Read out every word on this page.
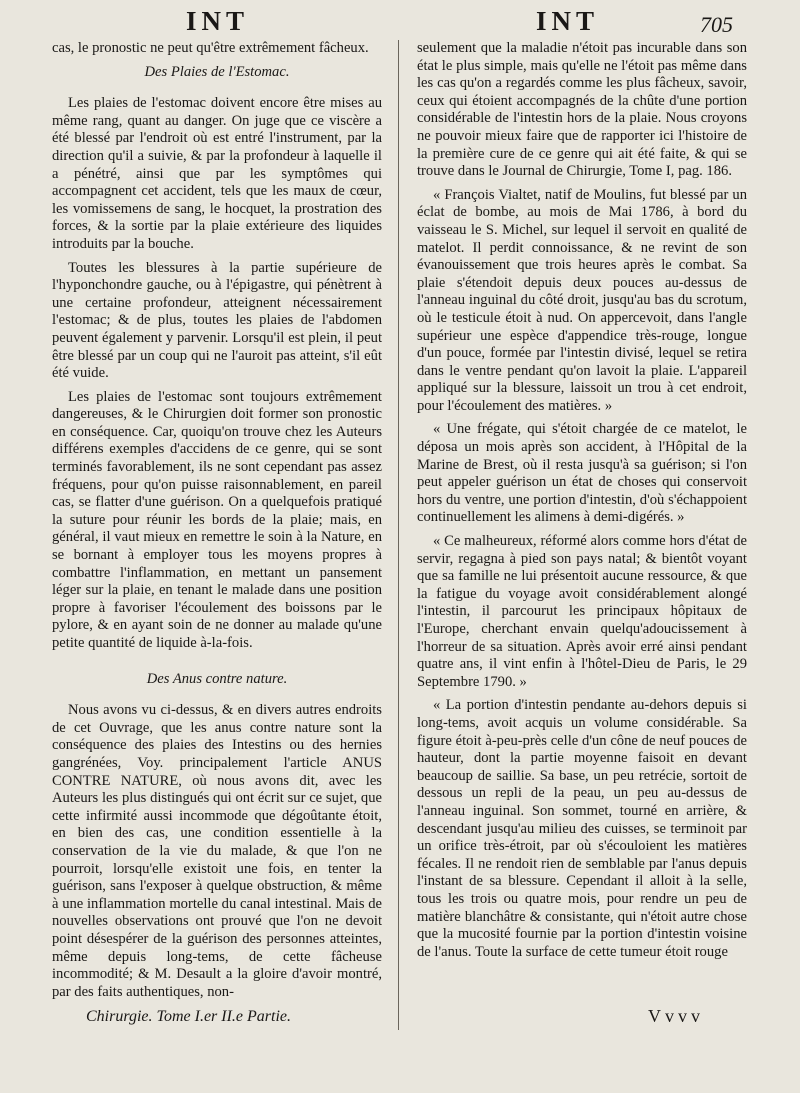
INT	INT	705

cas, le pronostic ne peut qu'être extrêmement fâcheux.

Des Plaies de l'Estomac.

Les plaies de l'estomac doivent encore être mises au même rang, quant au danger. On juge que ce viscère a été blessé par l'endroit où est entré l'instrument, par la direction qu'il a suivie, & par la profondeur à laquelle il a pénétré, ainsi que par les symptômes qui accompagnent cet accident, tels que les maux de cœur, les vomissemens de sang, le hocquet, la prostration des forces, & la sortie par la plaie extérieure des liquides introduits par la bouche.

Toutes les blessures à la partie supérieure de l'hyponchondre gauche, ou à l'épigastre, qui pénètrent à une certaine profondeur, atteignent nécessairement l'estomac; & de plus, toutes les plaies de l'abdomen peuvent également y parvenir. Lorsqu'il est plein, il peut être blessé par un coup qui ne l'auroit pas atteint, s'il eût été vuide.

Les plaies de l'estomac sont toujours extrêmement dangereuses, & le Chirurgien doit former son pronostic en conséquence. Car, quoiqu'on trouve chez les Auteurs différens exemples d'accidens de ce genre, qui se sont terminés favorablement, ils ne sont cependant pas assez fréquens, pour qu'on puisse raisonnablement, en pareil cas, se flatter d'une guérison. On a quelquefois pratiqué la suture pour réunir les bords de la plaie; mais, en général, il vaut mieux en remettre le soin à la Nature, en se bornant à employer tous les moyens propres à combattre l'inflammation, en mettant un pansement léger sur la plaie, en tenant le malade dans une position propre à favoriser l'écoulement des boissons par le pylore, & en ayant soin de ne donner au malade qu'une petite quantité de liquide à-la-fois.

Des Anus contre nature.

Nous avons vu ci-dessus, & en divers autres endroits de cet Ouvrage, que les anus contre nature sont la conséquence des plaies des Intestins ou des hernies gangrénées, Voy. principalement l'article ANUS CONTRE NATURE, où nous avons dit, avec les Auteurs les plus distingués qui ont écrit sur ce sujet, que cette infirmité aussi incommode que dégoûtante étoit, en bien des cas, une condition essentielle à la conservation de la vie du malade, & que l'on ne pourroit, lorsqu'elle existoit une fois, en tenter la guérison, sans l'exposer à quelque obstruction, & même à une inflammation mortelle du canal intestinal. Mais de nouvelles observations ont prouvé que l'on ne devoit point désespérer de la guérison des personnes atteintes, même depuis long-tems, de cette fâcheuse incommodité; & M. Desault a la gloire d'avoir montré, par des faits authentiques, non-

seulement que la maladie n'étoit pas incurable dans son état le plus simple, mais qu'elle ne l'étoit pas même dans les cas qu'on a regardés comme les plus fâcheux, savoir, ceux qui étoient accompagnés de la chûte d'une portion considérable de l'intestin hors de la plaie. Nous croyons ne pouvoir mieux faire que de rapporter ici l'histoire de la première cure de ce genre qui ait été faite, & qui se trouve dans le Journal de Chirurgie, Tome I, pag. 186.

« François Vialtet, natif de Moulins, fut blessé par un éclat de bombe, au mois de Mai 1786, à bord du vaisseau le S. Michel, sur lequel il servoit en qualité de matelot. Il perdit connoissance, & ne revint de son évanouissement que trois heures après le combat. Sa plaie s'étendoit depuis deux pouces au-dessus de l'anneau inguinal du côté droit, jusqu'au bas du scrotum, où le testicule étoit à nud. On appercevoit, dans l'angle supérieur une espèce d'appendice très-rouge, longue d'un pouce, formée par l'intestin divisé, lequel se retira dans le ventre pendant qu'on lavoit la plaie. L'appareil appliqué sur la blessure, laissoit un trou à cet endroit, pour l'écoulement des matières. »

« Une frégate, qui s'étoit chargée de ce matelot, le déposa un mois après son accident, à l'Hôpital de la Marine de Brest, où il resta jusqu'à sa guérison; si l'on peut appeler guérison un état de choses qui conservoit hors du ventre, une portion d'intestin, d'où s'échappoient continuellement les alimens à demi-digérés. »

« Ce malheureux, réformé alors comme hors d'état de servir, regagna à pied son pays natal; & bientôt voyant que sa famille ne lui présentoit aucune ressource, & que la fatigue du voyage avoit considérablement alongé l'intestin, il parcourut les principaux hôpitaux de l'Europe, cherchant envain quelqu'adoucissement à l'horreur de sa situation. Après avoir erré ainsi pendant quatre ans, il vint enfin à l'hôtel-Dieu de Paris, le 29 Septembre 1790. »

« La portion d'intestin pendante au-dehors depuis si long-tems, avoit acquis un volume considérable. Sa figure étoit à-peu-près celle d'un cône de neuf pouces de hauteur, dont la partie moyenne faisoit en devant beaucoup de saillie. Sa base, un peu retrécie, sortoit de dessous un repli de la peau, un peu au-dessus de l'anneau inguinal. Son sommet, tourné en arrière, & descendant jusqu'au milieu des cuisses, se terminoit par un orifice très-étroit, par où s'écouloient les matières fécales. Il ne rendoit rien de semblable par l'anus depuis l'instant de sa blessure. Cependant il alloit à la selle, tous les trois ou quatre mois, pour rendre un peu de matière blanchâtre & consistante, qui n'étoit autre chose que la mucosité fournie par la portion d'intestin voisine de l'anus. Toute la surface de cette tumeur étoit rouge

Chirurgie. Tome I.er II.e Partie.	Vvvv
